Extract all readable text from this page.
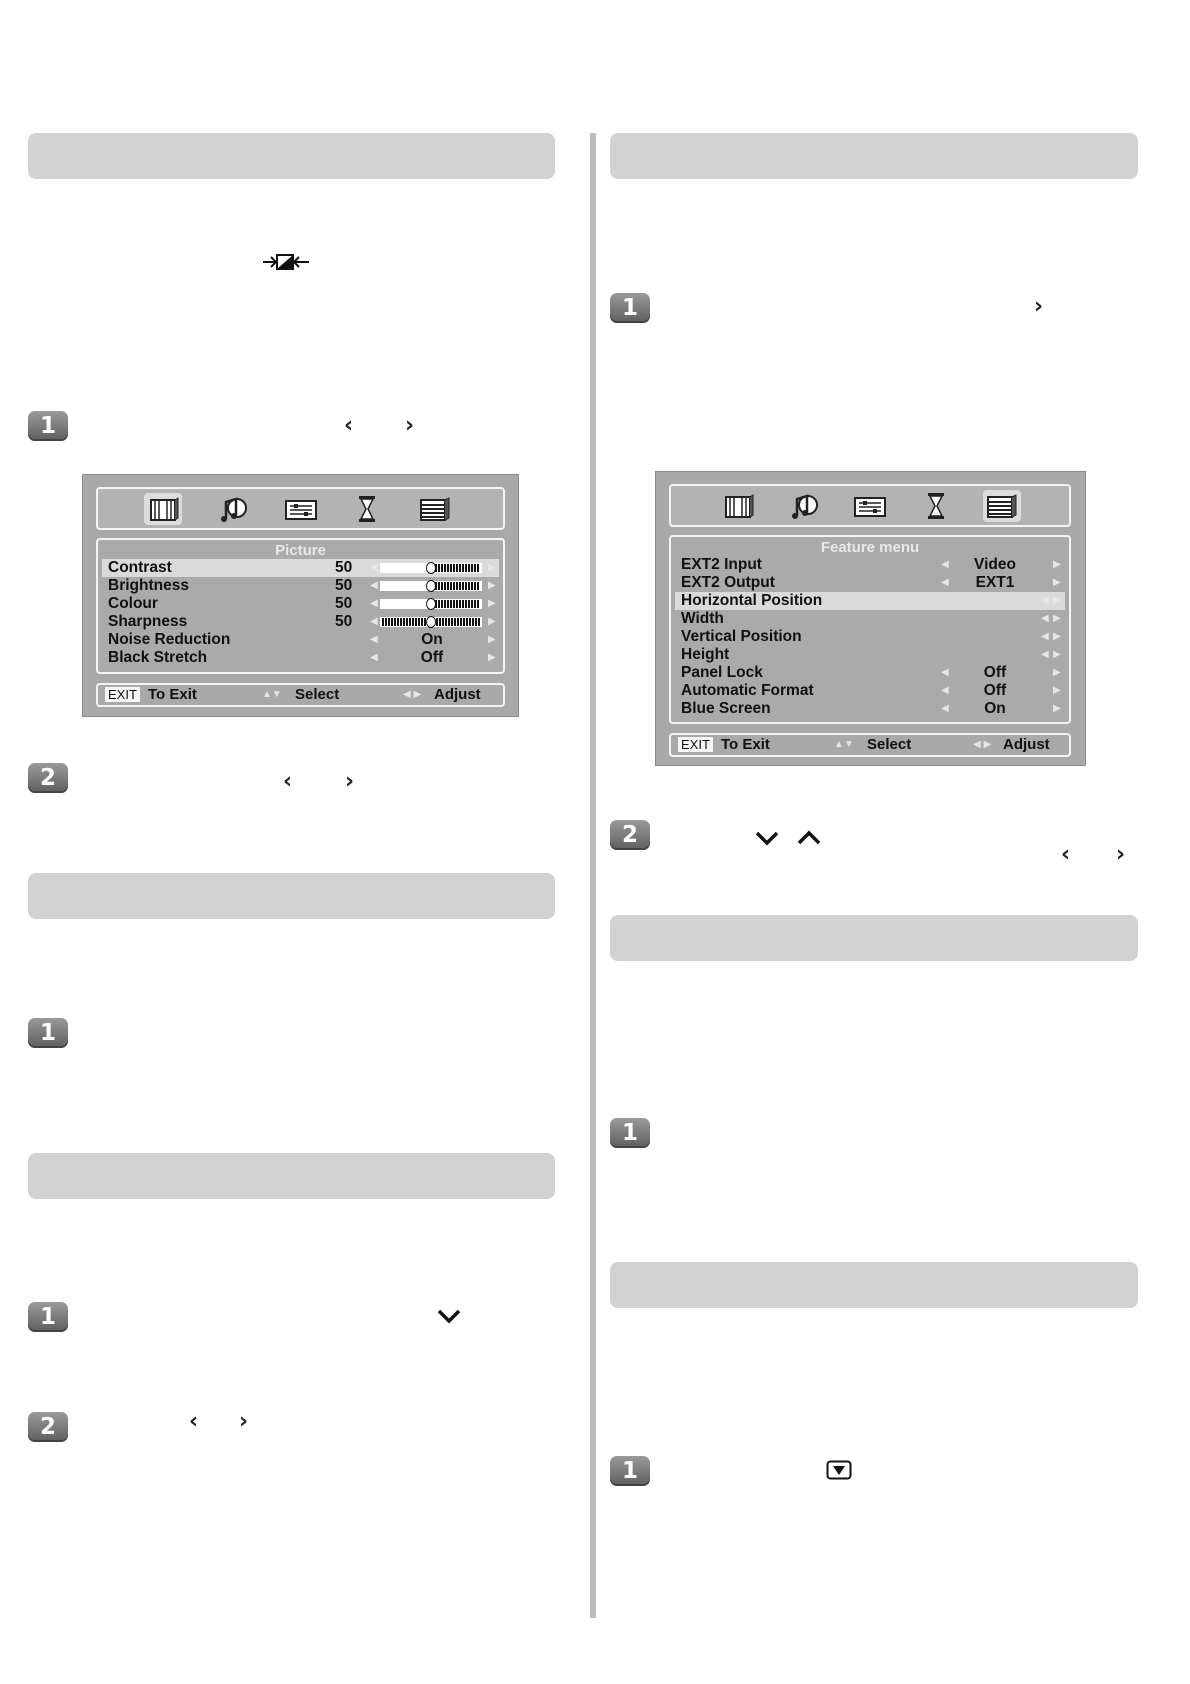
1	‹ ›
Picture
Contrast	50 ◀	▶
Brightness	50 ◀	▶
Colour	50 ◀	▶
Sharpness	50 ◀	▶
Noise Reduction	◀	On	▶
Black Stretch	◀	Off	▶
EXIT To Exit	▲▼ Select	◀ ▶ Adjust
2	‹ ›
1
1
2	‹ ›
1	›
Feature menu
EXT2 Input	◀	Video	▶
EXT2 Output	◀	EXT1	▶
Horizontal Position	◀ ▶
Width	◀ ▶
Vertical Position	◀ ▶
Height	◀ ▶
Panel Lock	◀	Off	▶
Automatic Format	◀	Off	▶
Blue Screen	◀	On	▶
EXIT To Exit	▲▼ Select	◀ ▶ Adjust
2
‹ ›
1
1
